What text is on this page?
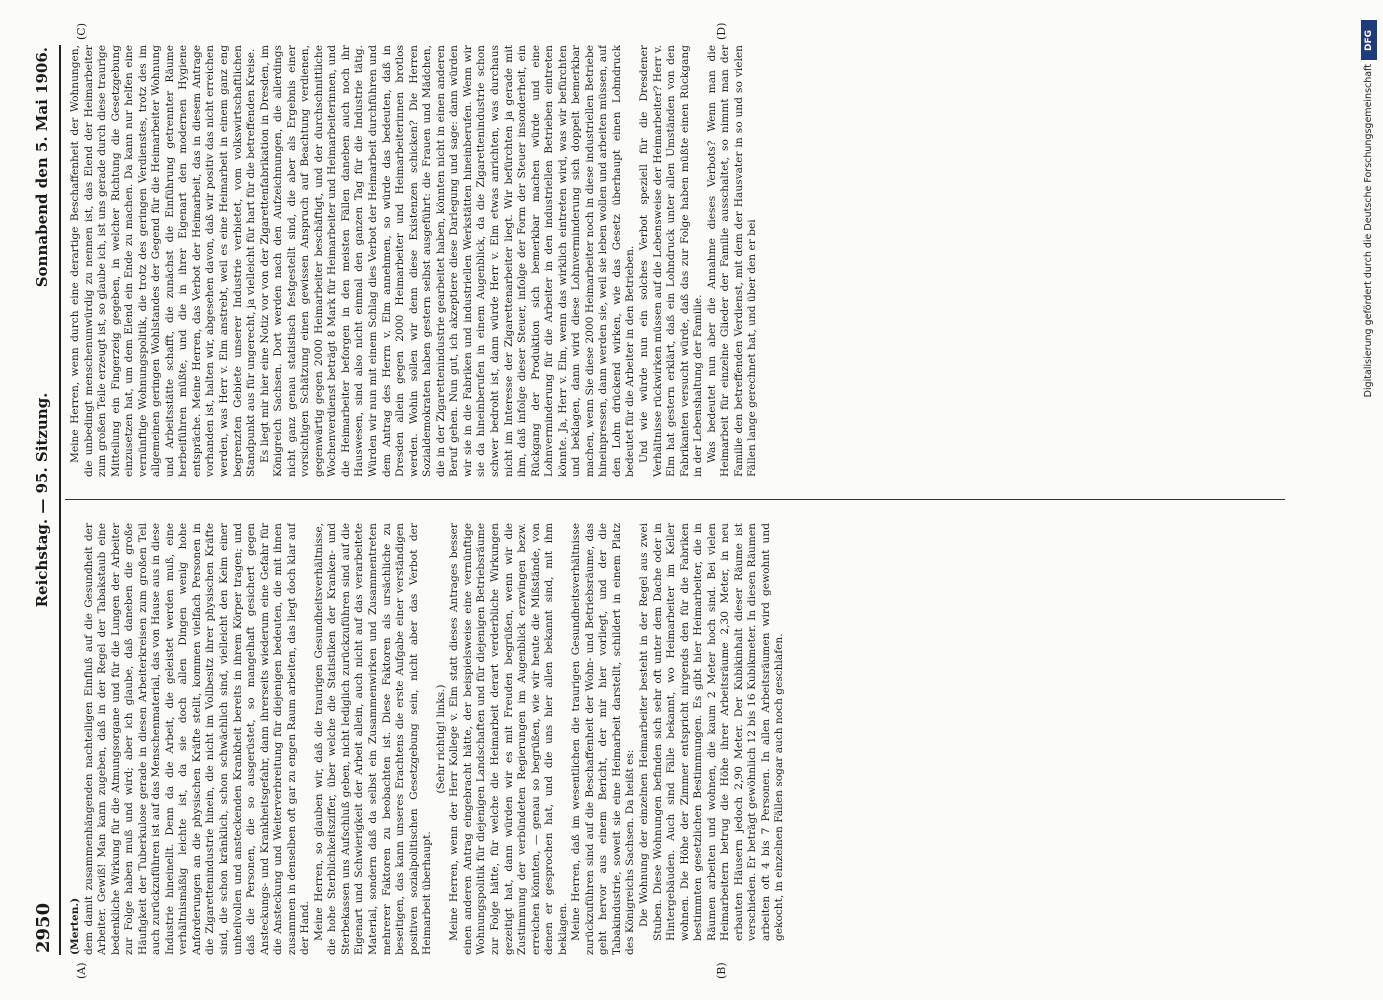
2950
Reichstag. — 95. Sitzung.
Sonnabend den 5. Mai 1906.

(Merten.) dem damit zusammenhängenden nachteiligen Einfluß auf die Gesundheit der Arbeiter. Gewiß! Man kann zugeben, daß in der Regel der Tabakstaub eine bedenkliche Wirkung für die Atmungsorgane und für die Lungen der Arbeiter zur Folge haben muß und wird; aber ich glaube, daß daneben die große Häufigkeit der Tuberkulose gerade in diesen Arbeiterkreisen zum großen Teil auch zurückzuführen ist auf das Menschenmaterial, das von Hause aus in diese Industrie hineinellt. Denn da die Arbeit, die geleistet werden muß, eine verhältnismäßig leichte ist, da sie doch allen Dingen wenig hohe Anforderungen an die physischen Kräfte stellt, kommen vielfach Personen in die Zigarettenindustrie hinein, die nicht im Vollbesitz ihrer physischen Kräfte sind, die schon kränklich, schon schwächlich sind, vielleicht den Keim einer unheilvollen und ansteckenden Krankheit bereits in ihrem Körper tragen; und daß die Personen, die so ausgerüstet, so mangelhaft gesichert gegen Ansteckungs- und Krankheitsgefahr, dann ihrerseits wiederum eine Gefahr für die Ansteckung und Weiterverbreitung für diejenigen bedeuten, die mit ihnen zusammen in denselben oft gar zu engen Raum arbeiten, das liegt doch klar auf der Hand. Meine Herren, so glauben wir, daß die traurigen Gesundheitsverhältnisse, die hohe Sterblichkeitsziffer, über welche die Statistiken der Kranken- und Sterbekassen uns Aufschluß geben, nicht lediglich zurückzuführen sind auf die Eigenart und Schwierigkeit der Arbeit allein, auch nicht auf das verarbeitete Material, sondern daß da selbst ein Zusammenwirken und Zusammentreten mehrerer Faktoren zu beobachten ist. Diese Faktoren als ursächliche zu beseitigen, das kann unseres Erachtens die erste Aufgabe einer verständigen positiven sozialpolitischen Gesetzgebung sein, nicht aber das Verbot der Heimarbeit überhaupt.

(Sehr richtig! links.) Meine Herren, wenn der Herr Kollege v. Elm statt dieses Antrages besser einen anderen Antrag eingebracht hätte, der beispielsweise eine vernünftige Wohnungspolitik für diejenigen Landschaften und für diejenigen Betriebsräume zur Folge hätte, für welche die Heimarbeit derart verderbliche Wirkungen gezeitigt hat, dann würden wir es mit Freuden begrüßen, wenn wir die Zustimmung der verbündeten Regierungen im Augenblick erzwingen bezw. erreichen könnten, — genau so begrüßen, wie wir heute die Mißstände, von denen er gesprochen hat, und die uns hier allen bekannt sind, mit ihm beklagen. Meine Herren, daß im wesentlichen die traurigen Gesundheitsverhältnisse zurückzuführen sind auf die Beschaffenheit der Wohn- und Betriebsräume, das geht hervor aus einem Bericht, der mir hier vorliegt, und der die Tabakindustrie, soweit sie eine Heimarbeit darstellt, schildert in einem Platz des Königreichs Sachsen. Da heißt es: Die Wohnung der einzelnen Heimarbeiter besteht in der Regel aus zwei Stuben. Diese Wohnungen befinden sich sehr oft unter dem Dache oder in Hintergebäuden. Auch sind Fälle bekannt, wo Heimarbeiter im Keller wohnen. Die Höhe der Zimmer entspricht nirgends den für die Fabriken bestimmten gesetzlichen Bestimmungen. Es gibt hier Heimarbeiter, die in Räumen arbeiten und wohnen, die kaum 2 Meter hoch sind. Bei vielen Heimarbeitern betrug die Höhe ihrer Arbeitsräume 2,30 Meter, in neu erbauten Häusern jedoch 2,90 Meter. Der Kubikinhalt dieser Räume ist verschieden. Er beträgt gewöhnlich 12 bis 16 Kubikmeter. In diesen Räumen arbeiten oft 4 bis 7 Personen. In allen Arbeitsräumen wird gewohnt und gekocht, in einzelnen Fällen sogar auch noch geschlafen.

Meine Herren, wenn durch eine derartige Beschaffenheit der Wohnungen, die unbedingt menschenunwürdig zu nennen ist, das Elend der Heimarbeiter zum großen Teile erzeugt ist, so glaube ich, ist uns gerade durch diese traurige Mitteilung ein Fingerzeig gegeben, in welcher Richtung die Gesetzgebung einzusetzen hat, um dem Elend ein Ende zu machen. Da kann nur helfen eine vernünftige Wohnungspolitik, die trotz des geringen Verdienstes, trotz des im allgemeinen geringen Wohlstandes der Gegend für die Heimarbeiter Wohnung und Arbeitsstätte schafft, die zunächst die Einführung getrennter Räume herbeiführen müßte, und die in ihrer Eigenart den modernen Hygiene entspräche. Meine Herren, das Verbot der Heimarbeit, das in diesem Antrage vorhanden ist, halten wir, abgesehen davon, daß wir positiv das nicht erreichen werden, was Herr v. Elm anstrebt, weil es eine Heimarbeit in einem ganz eng begrenzten Gebiete unserer Industrie verbietet, vom volkswirtschaftlichen Standpunkt aus für ungerecht, ja vielleicht für hart für die betreffenden Kreise. Es liegt mir hier eine Notiz vor von der Zigarettenfabrikation in Dresden, im Königreich Sachsen. Dort werden nach den Aufzeichnungen, die allerdings nicht ganz genau statistisch festgestellt sind, die aber als Ergebnis einer vorsichtigen Schätzung einen gewissen Anspruch auf Beachtung verdienen, gegenwärtig gegen 2000 Heimarbeiter beschäftigt, und der durchschnittliche Wochenverdienst beträgt 8 Mark für Heimarbeiter und Heimarbeiterinnen, und die Heimarbeiter beforgen in den meisten Fällen daneben auch noch ihr Hauswesen, sind also nicht einmal den ganzen Tag für die Industrie tätig. Würden wir nun mit einem Schlag dies Verbot der Heimarbeit durchführen und dem Antrag des Herrn v. Elm annehmen, so würde das bedeuten, daß in Dresden allein gegen 2000 Heimarbeiter und Heimarbeiterinnen brotlos werden. Wohin sollen wir denn diese Existenzen schicken? Die Herren Sozialdemokraten haben gestern selbst ausgeführt: die Frauen und Mädchen, die in der Zigarettenindustrie gearbeitet haben, könnten nicht in einen anderen Beruf gehen. Nun gut, ich akzeptiere diese Darlegung und sage: dann würden wir sie in die Fabriken und industriellen Werkstätten hineinberufen. Wenn wir sie da hineinberufen in einem Augenblick, da die Zigarettenindustrie schon schwer bedroht ist, dann würde Herr v. Elm etwas anrichten, was durchaus nicht im Interesse der Zigarettenarbeiter liegt. Wir befürchten ja gerade mit ihm, daß infolge dieser Steuer, infolge der Form der Steuer insonderheit, ein Rückgang der Produktion sich bemerkbar machen würde und eine Lohnverminderung für die Arbeiter in den industriellen Betrieben eintreten könnte. Ja, Herr v. Elm, wenn das wirklich eintreten wird, was wir befürchten und beklagen, dann wird diese Lohnverminderung sich doppelt bemerkbar machen, wenn Sie diese 2000 Heimarbeiter noch in diese industriellen Betriebe hineinpressen, dann werden sie, weil sie leben wollen und arbeiten müssen, auf den Lohn drückend wirken, wie das Gesetz überhaupt einen Lohndruck bedeutet für die Arbeiter in den Betrieben. Und wie würde nun ein solches Verbot speziell für die Dresdener Verhältnisse rückwirken müssen auf die Lebensweise der Heimarbeiter? Herr v. Elm hat gestern erklärt, daß ein Lohndruck unter allen Umständen von den Fabrikanten versucht würde, daß das zur Folge haben müßte einen Rückgang in der Lebenshaltung der Familie. Was bedeutet nun aber die Annahme dieses Verbots? Wenn man die Heimarbeit für einzelne Glieder der Familie ausschaltet, so nimmt man der Familie den betreffenden Verdienst, mit dem der Hausvater in so und so vielen Fällen lange gerechnet hat, und über den er bei

(A)	(B)
(C)	(D)	DFG
Digitalisierung gefördert durch die Deutsche Forschungsgemeinschaft
